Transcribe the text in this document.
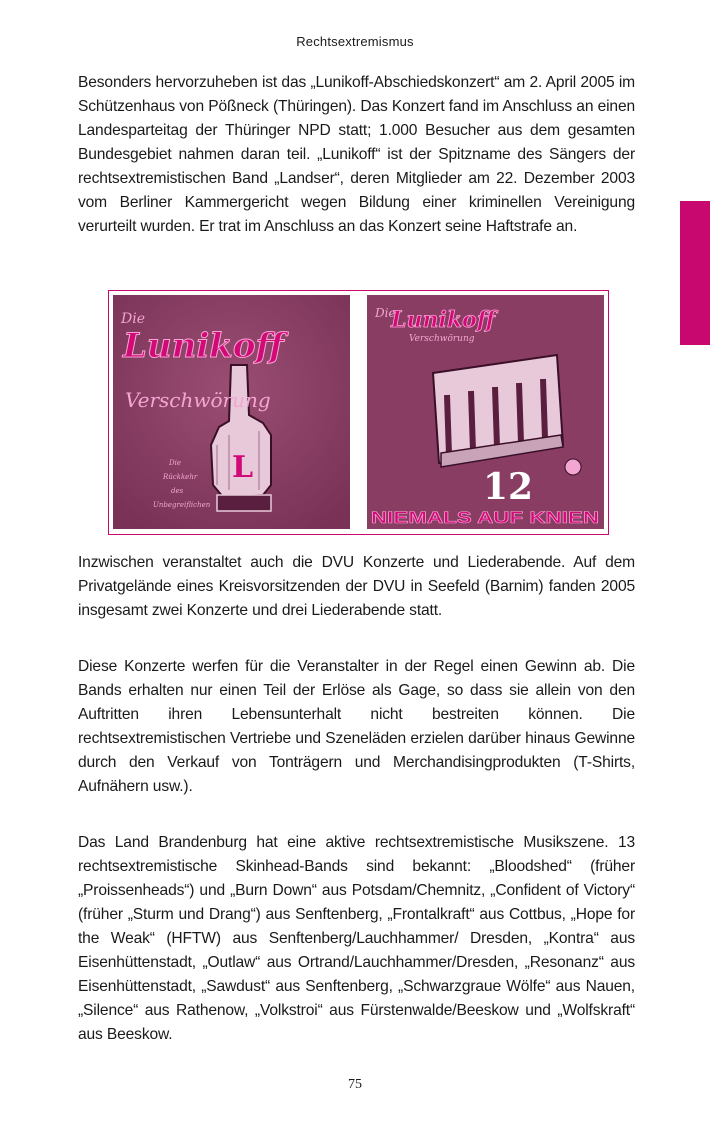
Rechtsextremismus

Besonders hervorzuheben ist das „Lunikoff-Abschiedskonzert“ am 2. April 2005 im Schützenhaus von Pößneck (Thüringen). Das Konzert fand im Anschluss an einen Landesparteitag der Thüringer NPD statt; 1.000 Besucher aus dem gesamten Bundesgebiet nahmen daran teil. „Lunikoff“ ist der Spitzname des Sängers der rechtsextremistischen Band „Landser“, deren Mitglieder am 22. Dezember 2003 vom Berliner Kammergericht wegen Bildung einer kriminellen Vereinigung verurteilt wurden. Er trat im Anschluss an das Konzert seine Haftstrafe an.

Die
Lunikoff
Verschwörung
L
Die
Rückkehr
des
Unbegreiflichen
Die
Lunikoff
Verschwörung
12
NIEMALS AUF KNIEN

Inzwischen veranstaltet auch die DVU Konzerte und Liederabende. Auf dem Privatgelände eines Kreisvorsitzenden der DVU in Seefeld (Barnim) fanden 2005 insgesamt zwei Konzerte und drei Liederabende statt.

Diese Konzerte werfen für die Veranstalter in der Regel einen Gewinn ab. Die Bands erhalten nur einen Teil der Erlöse als Gage, so dass sie allein von den Auftritten ihren Lebensunterhalt nicht bestreiten können. Die rechtsextremistischen Vertriebe und Szeneläden erzielen darüber hinaus Gewinne durch den Verkauf von Tonträgern und Merchandisingprodukten (T-Shirts, Aufnähern usw.).

Das Land Brandenburg hat eine aktive rechtsextremistische Musikszene. 13 rechtsextremistische Skinhead-Bands sind bekannt: „Bloodshed“ (früher „Proissenheads“) und „Burn Down“ aus Potsdam/Chemnitz, „Confident of Victory“ (früher „Sturm und Drang“) aus Senftenberg, „Frontalkraft“ aus Cottbus, „Hope for the Weak“ (HFTW) aus Senftenberg/Lauchhammer/ Dresden, „Kontra“ aus Eisenhüttenstadt, „Outlaw“ aus Ortrand/Lauchhammer/Dresden, „Resonanz“ aus Eisenhüttenstadt, „Sawdust“ aus Senftenberg, „Schwarzgraue Wölfe“ aus Nauen, „Silence“ aus Rathenow, „Volkstroi“ aus Fürstenwalde/Beeskow und „Wolfskraft“ aus Beeskow.

75
